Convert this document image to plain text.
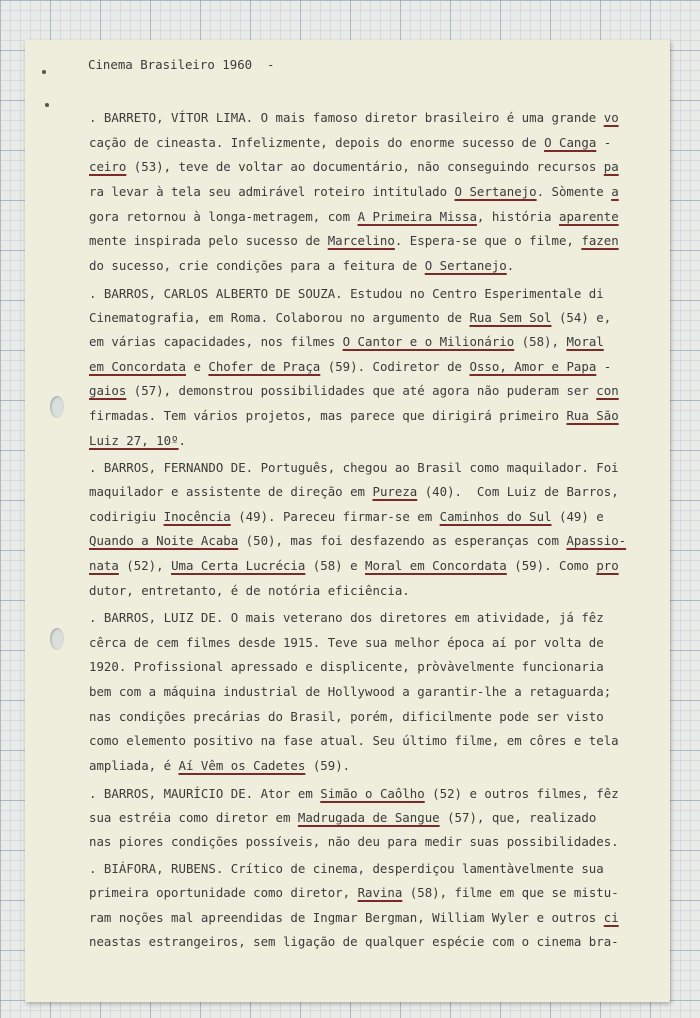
Cinema Brasileiro 1960  -
. BARRETO, VÍTOR LIMA. O mais famoso diretor brasileiro é uma grande vo
cação de cineasta. Infelizmente, depois do enorme sucesso de O Canga -
ceiro (53), teve de voltar ao documentário, não conseguindo recursos pa
ra levar à tela seu admirável roteiro intitulado O Sertanejo. Sòmente a
gora retornou à longa-metragem, com A Primeira Missa, história aparente
mente inspirada pelo sucesso de Marcelino. Espera-se que o filme, fazen
do sucesso, crie condições para a feitura de O Sertanejo.
. BARROS, CARLOS ALBERTO DE SOUZA. Estudou no Centro Esperimentale di
Cinematografia, em Roma. Colaborou no argumento de Rua Sem Sol (54) e,
em várias capacidades, nos filmes O Cantor e o Milionário (58), Moral
em Concordata e Chofer de Praça (59). Codiretor de Osso, Amor e Papa -
gaios (57), demonstrou possibilidades que até agora não puderam ser con
firmadas. Tem vários projetos, mas parece que dirigirá primeiro Rua São
Luiz 27, 10º.
. BARROS, FERNANDO DE. Português, chegou ao Brasil como maquilador. Foi
maquilador e assistente de direção em Pureza (40).  Com Luiz de Barros,
codirigiu Inocência (49). Pareceu firmar-se em Caminhos do Sul (49) e
Quando a Noite Acaba (50), mas foi desfazendo as esperanças com Apassio-
nata (52), Uma Certa Lucrécia (58) e Moral em Concordata (59). Como pro
dutor, entretanto, é de notória eficiência.
. BARROS, LUIZ DE. O mais veterano dos diretores em atividade, já fêz
cêrca de cem filmes desde 1915. Teve sua melhor época aí por volta de
1920. Profissional apressado e displicente, pròvàvelmente funcionaria
bem com a máquina industrial de Hollywood a garantir-lhe a retaguarda;
nas condições precárias do Brasil, porém, dificilmente pode ser visto
como elemento positivo na fase atual. Seu último filme, em côres e tela
ampliada, é Aí Vêm os Cadetes (59).
. BARROS, MAURÍCIO DE. Ator em Simão o Caôlho (52) e outros filmes, fêz
sua estréia como diretor em Madrugada de Sangue (57), que, realizado
nas piores condições possíveis, não deu para medir suas possibilidades.
. BIÁFORA, RUBENS. Crítico de cinema, desperdiçou lamentàvelmente sua
primeira oportunidade como diretor, Ravina (58), filme em que se mistu-
ram noções mal apreendidas de Ingmar Bergman, William Wyler e outros ci
neastas estrangeiros, sem ligação de qualquer espécie com o cinema bra-
